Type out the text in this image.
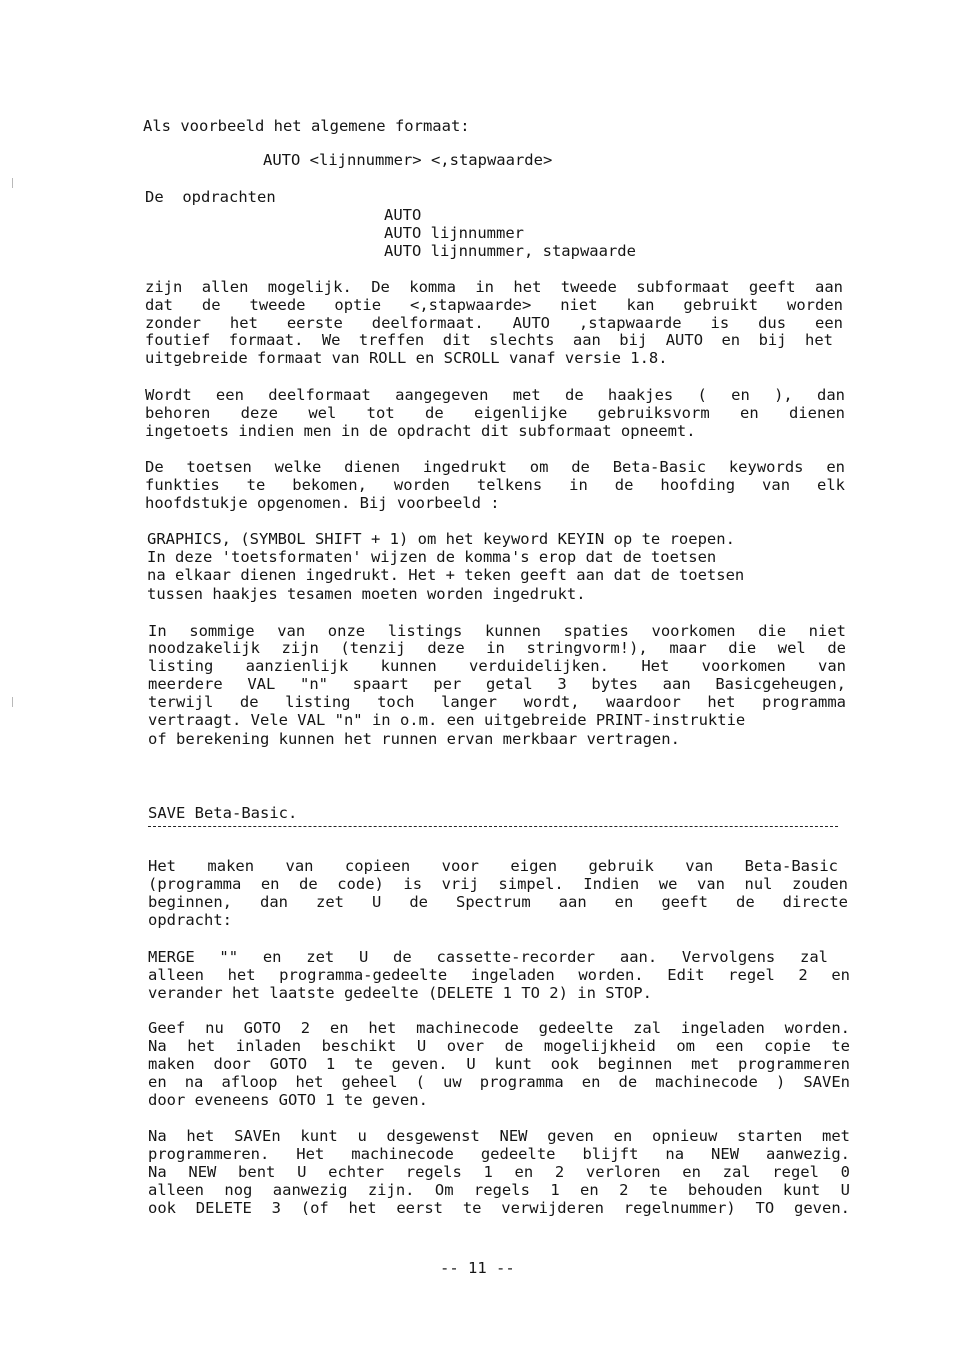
Als voorbeeld het algemene formaat:
AUTO <lijnnummer> <,stapwaarde>
De  opdrachten
AUTO
AUTO lijnnummer
AUTO lijnnummer, stapwaarde
zijn allen mogelijk. De komma in het tweede subformaat geeft aan
dat de tweede optie <,stapwaarde> niet kan gebruikt worden
zonder het eerste deelformaat. AUTO ,stapwaarde is dus een
foutief formaat. We treffen dit slechts aan bij AUTO en bij het
uitgebreide formaat van ROLL en SCROLL vanaf versie 1.8.
Wordt een deelformaat aangegeven met de haakjes ( en ), dan
behoren deze wel tot de eigenlijke gebruiksvorm en dienen
ingetoets indien men in de opdracht dit subformaat opneemt.
De toetsen welke dienen ingedrukt om de Beta-Basic keywords en
funkties te bekomen, worden telkens in de hoofding van elk
hoofdstukje opgenomen. Bij voorbeeld :
GRAPHICS, (SYMBOL SHIFT + 1) om het keyword KEYIN op te roepen.
In deze 'toetsformaten' wijzen de komma's erop dat de toetsen
na elkaar dienen ingedrukt. Het + teken geeft aan dat de toetsen
tussen haakjes tesamen moeten worden ingedrukt.
In sommige van onze listings kunnen spaties voorkomen die niet
noodzakelijk zijn (tenzij deze in stringvorm!), maar die wel de
listing aanzienlijk kunnen verduidelijken. Het voorkomen van
meerdere VAL "n" spaart per getal 3 bytes aan Basicgeheugen,
terwijl de listing toch langer wordt, waardoor het programma
vertraagt. Vele VAL "n" in o.m. een uitgebreide PRINT-instruktie
of berekening kunnen het runnen ervan merkbaar vertragen.
SAVE Beta-Basic.
Het maken van copieen voor eigen gebruik van Beta-Basic
(programma en de code) is vrij simpel. Indien we van nul zouden
beginnen, dan zet U de Spectrum aan en geeft de directe
opdracht:
MERGE "" en zet U de cassette-recorder aan. Vervolgens zal
alleen het programma-gedeelte ingeladen worden. Edit regel 2 en
verander het laatste gedeelte (DELETE 1 TO 2) in STOP.
Geef nu GOTO 2 en het machinecode gedeelte zal ingeladen worden.
Na het inladen beschikt U over de mogelijkheid om een copie te
maken door GOTO 1 te geven. U kunt ook beginnen met programmeren
en na afloop het geheel ( uw programma en de machinecode ) SAVEn
door eveneens GOTO 1 te geven.
Na het SAVEn kunt u desgewenst NEW geven en opnieuw starten met
programmeren. Het machinecode gedeelte blijft na NEW aanwezig.
Na NEW bent U echter regels 1 en 2 verloren en zal regel 0
alleen nog aanwezig zijn. Om regels 1 en 2 te behouden kunt U
ook DELETE 3 (of het eerst te verwijderen regelnummer) TO geven.
-- 11 --
